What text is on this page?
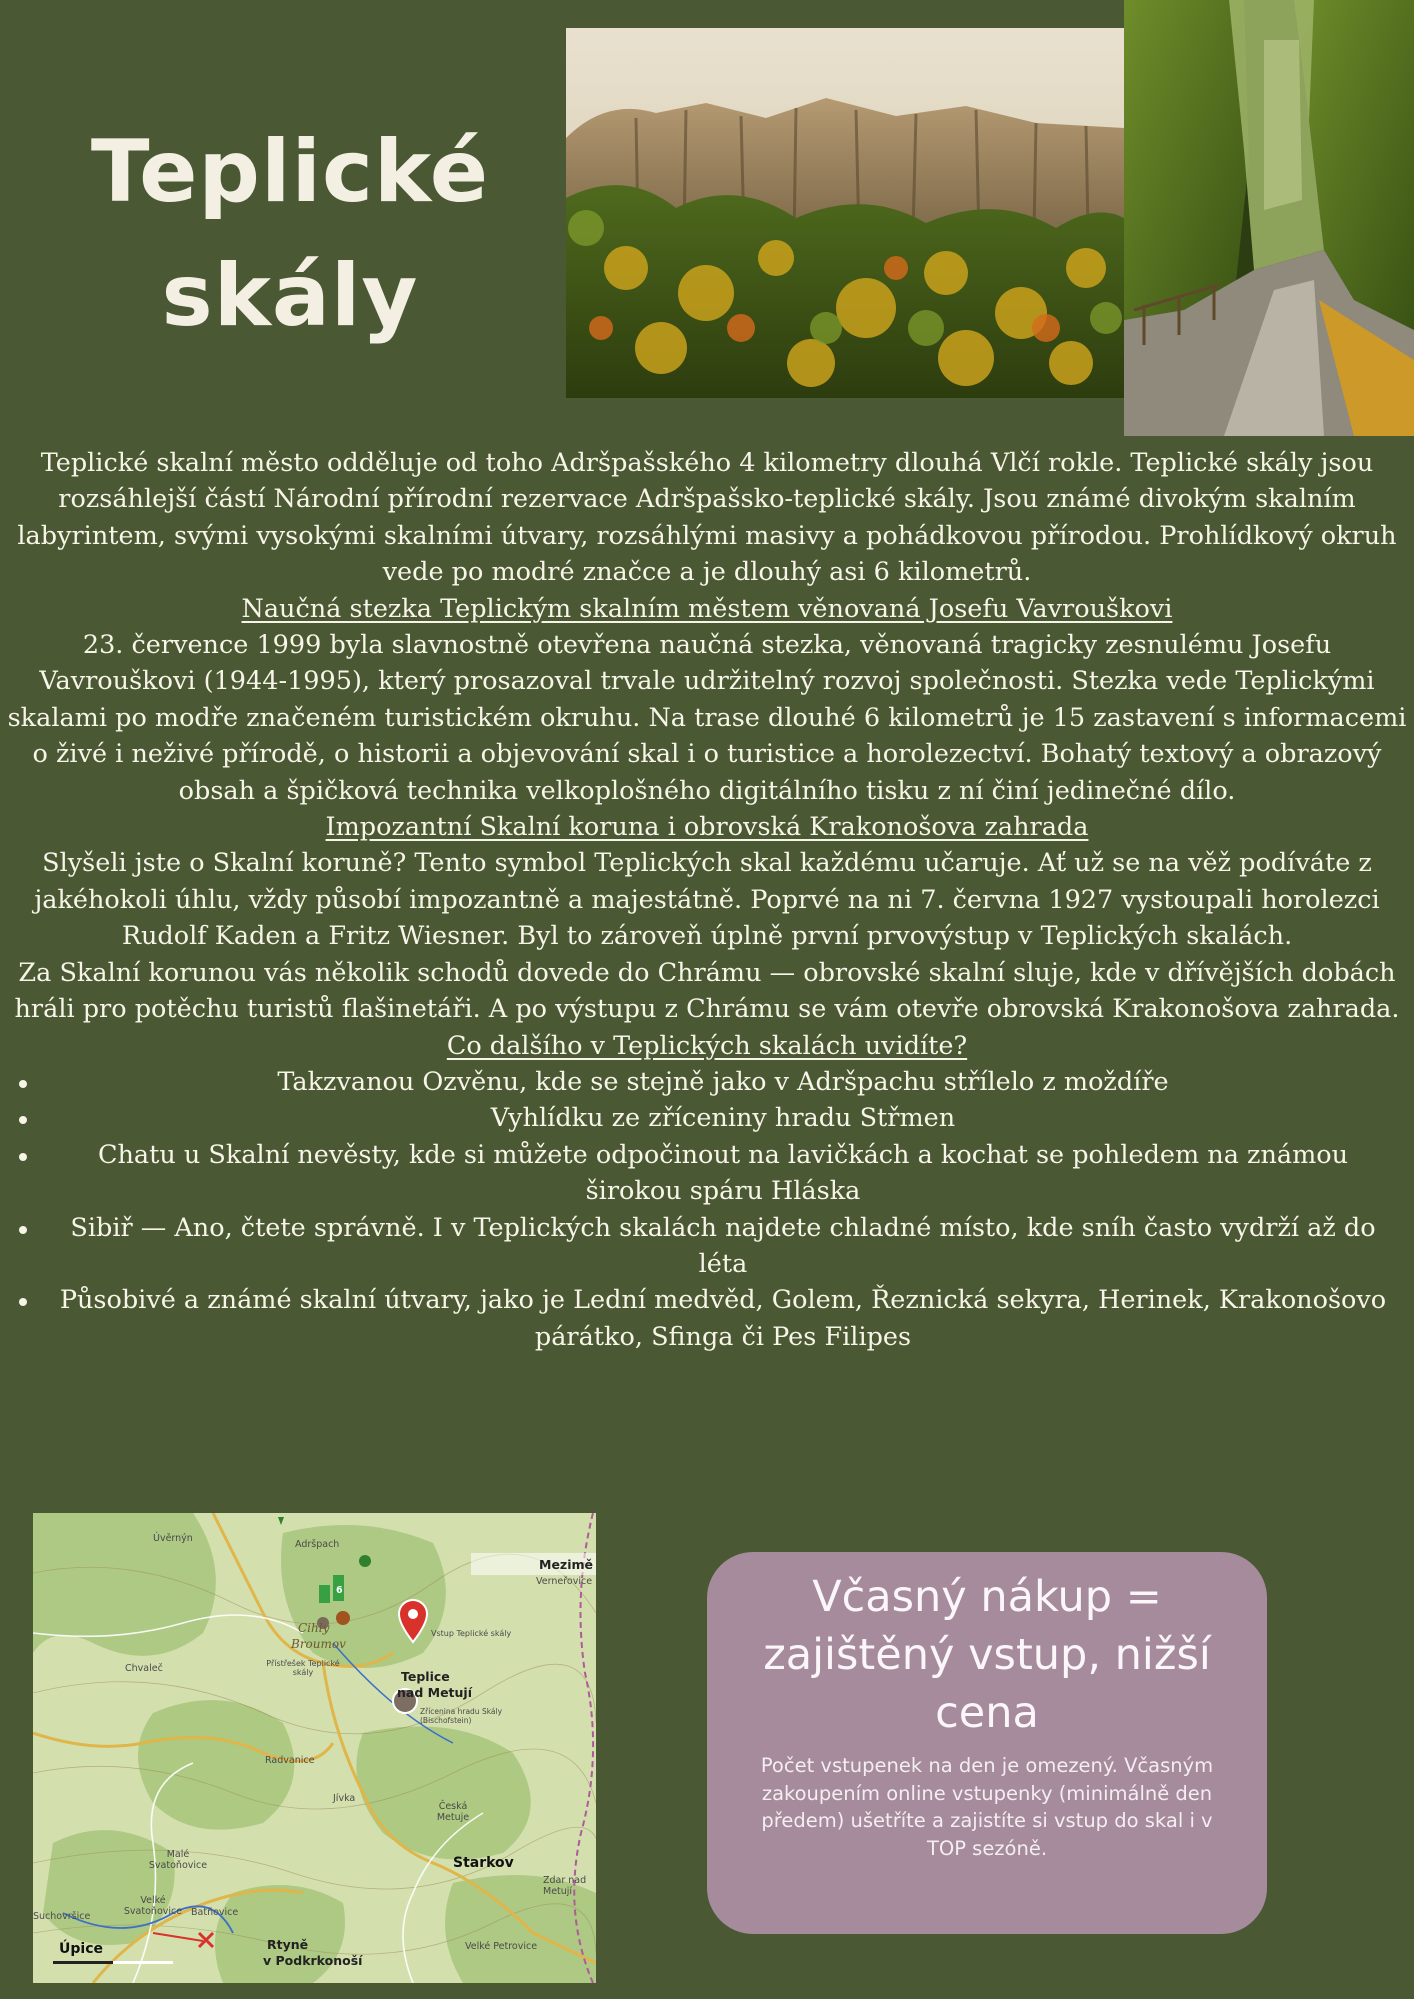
Teplické
skály

Teplické skalní město odděluje od toho Adršpašského 4 kilometry dlouhá Vlčí rokle. Teplické skály jsou rozsáhlejší částí Národní přírodní rezervace Adršpašsko-teplické skály. Jsou známé divokým skalním labyrintem, svými vysokými skalními útvary, rozsáhlými masivy a pohádkovou přírodou. Prohlídkový okruh vede po modré značce a je dlouhý asi 6 kilometrů.

Naučná stezka Teplickým skalním městem věnovaná Josefu Vavrouškovi

23. července 1999 byla slavnostně otevřena naučná stezka, věnovaná tragicky zesnulému Josefu Vavrouškovi (1944-1995), který prosazoval trvale udržitelný rozvoj společnosti. Stezka vede Teplickými skalami po modře značeném turistickém okruhu. Na trase dlouhé 6 kilometrů je 15 zastavení s informacemi o živé i neživé přírodě, o historii a objevování skal i o turistice a horolezectví. Bohatý textový a obrazový obsah a špičková technika velkoplošného digitálního tisku z ní činí jedinečné dílo.

Impozantní Skalní koruna i obrovská Krakonošova zahrada

Slyšeli jste o Skalní koruně? Tento symbol Teplických skal každému učaruje. Ať už se na věž podíváte z jakéhokoli úhlu, vždy působí impozantně a majestátně. Poprvé na ni 7. června 1927 vystoupali horolezci Rudolf Kaden a Fritz Wiesner. Byl to zároveň úplně první prvovýstup v Teplických skalách.

Za Skalní korunou vás několik schodů dovede do Chrámu — obrovské skalní sluje, kde v dřívějších dobách hráli pro potěchu turistů flašinetáři. A po výstupu z Chrámu se vám otevře obrovská Krakonošova zahrada.

Co dalšího v Teplických skalách uvidíte?

Takzvanou Ozvěnu, kde se stejně jako v Adršpachu střílelo z moždíře
Vyhlídku ze zříceniny hradu Střmen
Chatu u Skalní nevěsty, kde si můžete odpočinout na lavičkách a kochat se pohledem na známou širokou spáru Hláska
Sibiř — Ano, čtete správně. I v Teplických skalách najdete chladné místo, kde sníh často vydrží až do léta
Působivé a známé skalní útvary, jako je Lední medvěd, Golem, Řeznická sekyra, Herinek, Krakonošovo párátko, Sfinga či Pes Filipes
Adršpach
Úvěrnýn
Mezimě
Verneřovice
Cihly
Broumov
Vstup Teplické skály
Přístřešek Teplické skály	Teplice
nad Metují
Zřícenina hradu Skály (Bischofstein)
Chvaleč
Radvanice
Jívka
Česká Metuje
Malé Svatoňovice
Velké Svatoňovice
Starkov
Zdar nad Metují
Batňovice
Suchovršice
Úpice	Rtyně
v Podkrkonoší
Velké Petrovice
6	Včasný nákup = zajištěný vstup, nižší cena
Počet vstupenek na den je omezený. Včasným zakoupením online vstupenky (minimálně den předem) ušetříte a zajistíte si vstup do skal i v TOP sezóně.
